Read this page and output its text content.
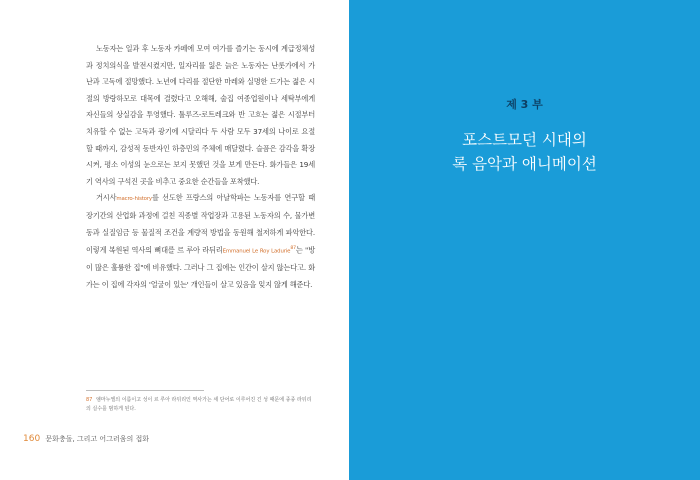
노동자는 일과 후 노동자 카페에 모여 여가를 즐기는 동시에 계급정체성과 정치의식을 발전시켰지만, 일자리를 잃은 늙은 노동자는 난롯가에서 가난과 고독에 절망했다. 노년에 다리를 절단한 마레와 실명한 드가는 젊은 시절의 방랑하모로 대목에 결렸다고 오해해, 술집 여종업원이나 세탁부에게 자신들의 상실감을 투영했다. 툴루즈-로트레크와 반 고흐는 젊은 시절부터 치유할 수 없는 고독과 광기에 시달리다 두 사람 모두 37세의 나이로 요절할 때까지, 감성적 동반자인 하층민의 주체에 매달렸다. 슬픔은 감각을 확장시켜, 평소 이성의 눈으로는 보지 못했던 것을 보게 만든다. 화가들은 19세기 역사의 구석진 곳을 비추고 중요한 순간들을 포착했다.

거시사macro-history를 선도한 프랑스의 아날학파는 노동자를 연구할 때 장기간의 산업화 과정에 걸친 직종별 작업장과 고용된 노동자의 수, 물가변동과 실질임금 등 물질적 조건을 계량적 방법을 동원해 철저하게 파악한다. 이렇게 복원된 역사의 뼈대를 르 루아 라뒤리Emmanuel Le Roy Ladurie$^{87}$는 "방이 많은 훌륭한 집"에 비유했다. 그러나 그 집에는 인간이 살지 않는다고. 화가는 이 집에 각자의 '얼굴이 있는' 개인들이 살고 있음을 잊지 않게 해준다.

87 엠마누엘의 이름이고 성이 르 루아 라뒤리인 역사가는 세 단어로 이루어진 긴 성 때문에 종종 라뒤리의 실수를 범하게 된다.
160 문화충돌, 그리고 어그러움의 접화
제 3 부
포스트모던 시대의
록 음악과 애니메이션
